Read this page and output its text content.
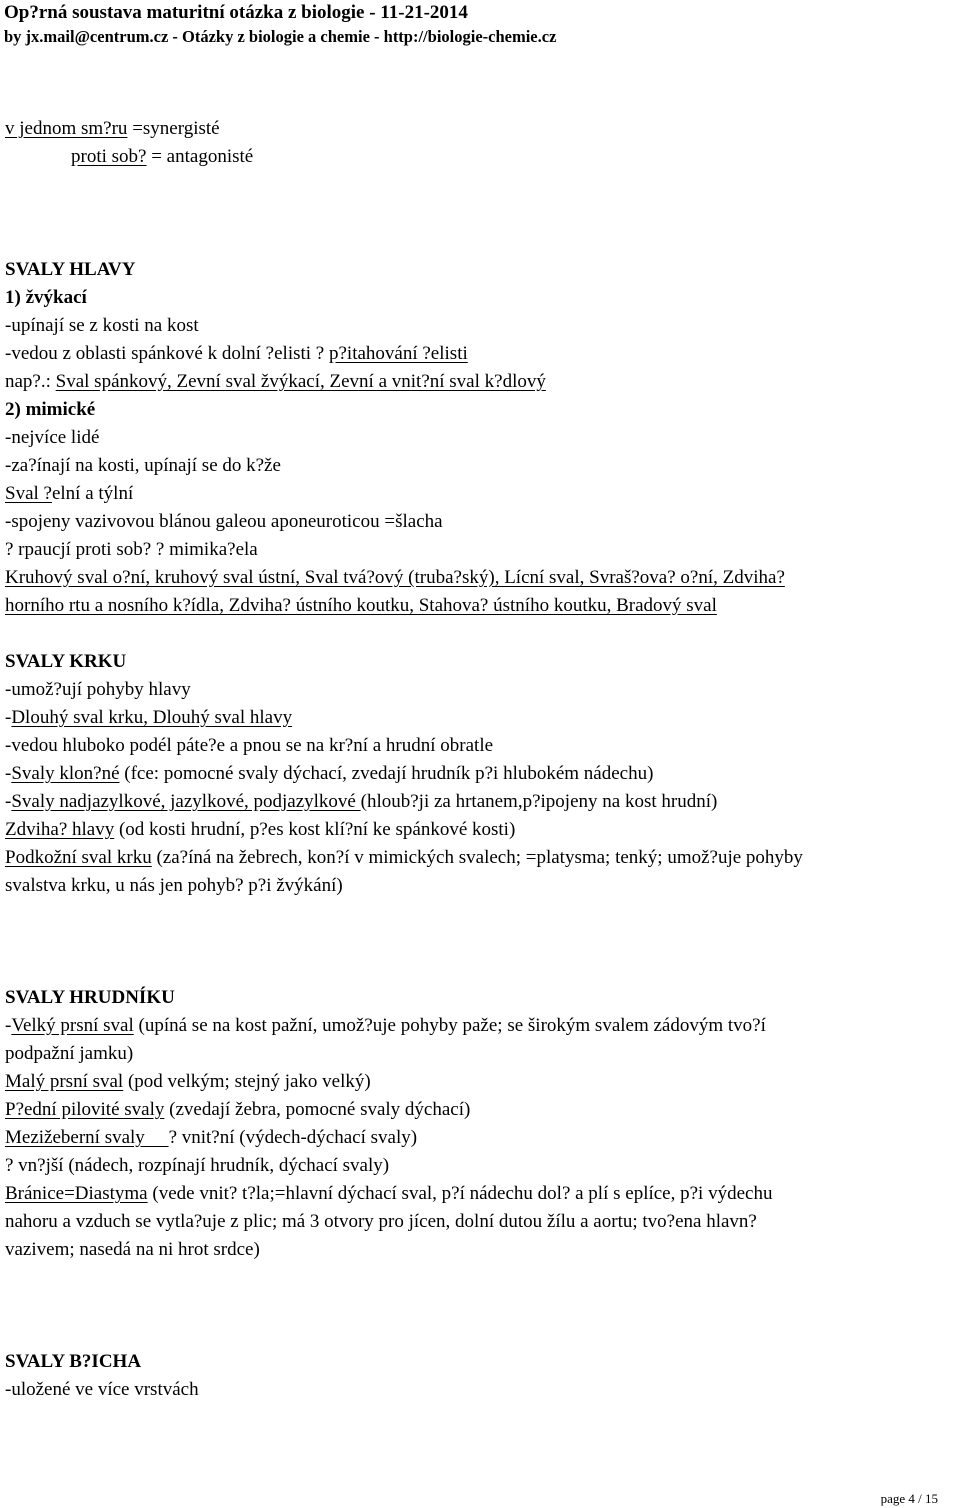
Op?rná soustava maturitní otázka z biologie - 11-21-2014
by jx.mail@centrum.cz - Otázky z biologie a chemie - http://biologie-chemie.cz
v jednom sm?ru =synergisté
proti sob? = antagonisté
SVALY HLAVY
1) žvýkací
-upínají se z kosti na kost
-vedou z oblasti spánkové k dolní ?elisti ? p?itahování ?elisti
nap?.: Sval spánkový, Zevní sval žvýkací, Zevní a vnit?ní sval k?dlový
2) mimické
-nejvíce lidé
-za?ínají na kosti, upínají se do k?že
Sval ?elní a týlní
-spojeny vazivovou blánou galeou aponeuroticou =šlacha
? rpaucjí proti sob? ? mimika?ela
Kruhový sval o?ní, kruhový sval ústní, Sval tvá?ový (truba?ský), Lícní sval, Svraš?ova? o?ní, Zdviha?
horního rtu a nosního k?ídla, Zdviha? ústního koutku, Stahova? ústního koutku, Bradový sval
SVALY KRKU
-umož?ují pohyby hlavy
-Dlouhý sval krku, Dlouhý sval hlavy
-vedou hluboko podél páte?e a pnou se na kr?ní a hrudní obratle
-Svaly klon?né (fce: pomocné svaly dýchací, zvedají hrudník p?i hlubokém nádechu)
-Svaly nadjazylkové, jazylkové, podjazylkové (hloub?ji za hrtanem,p?ipojeny na kost hrudní)
Zdviha? hlavy (od kosti hrudní, p?es kost klí?ní ke spánkové kosti)
Podkožní sval krku (za?íná na žebrech, kon?í v mimických svalech; =platysma; tenký; umož?uje pohyby
svalstva krku, u nás jen pohyb? p?i žvýkání)
SVALY HRUDNÍKU
-Velký prsní sval (upíná se na kost pažní, umož?uje pohyby paže; se širokým svalem zádovým tvo?í
podpažní jamku)
Malý prsní sval (pod velkým; stejný jako velký)
P?ední pilovité svaly (zvedají žebra, pomocné svaly dýchací)
Mezižeberní svaly     ? vnit?ní (výdech-dýchací svaly)
? vn?jší (nádech, rozpínají hrudník, dýchací svaly)
Bránice=Diastyma (vede vnit? t?la;=hlavní dýchací sval, p?í nádechu dol? a plí s eplíce, p?i výdechu
nahoru a vzduch se vytla?uje z plic; má 3 otvory pro jícen, dolní dutou žílu a aortu; tvo?ena hlavn?
vazivem; nasedá na ni hrot srdce)
SVALY B?ICHA
-uložené ve více vrstvách
page 4 / 15
